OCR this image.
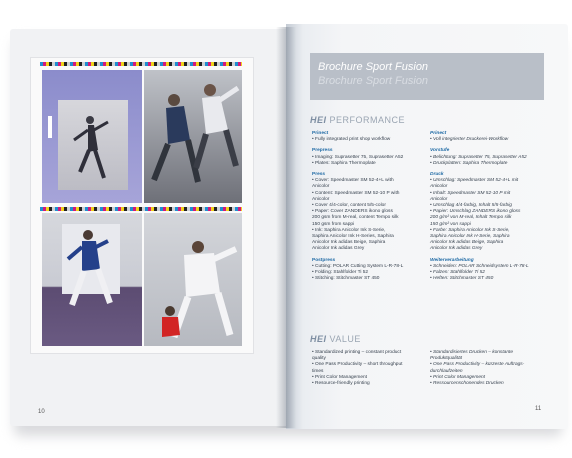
10
Brochure Sport Fusion
Brochure Sport Fusion
HEI PERFORMANCE
Prinect
• Fully integrated print shop workflow
Prepress
• Imaging: Suprasetter 75, Suprasetter A52
• Plates: Saphira Thermoplate
Press
• Cover: Speedmaster SM 52-4+L with
Anicolor
• Content: Speedmaster SM 52-10 P with
Anicolor
• Cover 4/4-color, content 5/5-color
• Paper: Cover ZANDERS ikono gloss
200 gsm from M-real, content Tempo silk
150 gsm from sappi
• Ink: Saphira Anicolor Ink S-Serie,
Saphira Anicolor Ink H-Series, Saphira
Anicolor Ink adidas Beige, Saphira
Anicolor Ink adidas Grey
Postpress
• Cutting: POLAR Cutting System L-R-78-L
• Folding: Stahlfolder Ti 52
• Stitching: Stitchmaster ST 450
Prinect
• Voll integrierter Druckerei-Workflow
Vorstufe
• Belichtung: Suprasetter 75, Suprasetter A52
• Druckplatten: Saphira Thermoplate
Druck
• Umschlag: Speedmaster SM 52-4+L mit
Anicolor
• Inhalt: Speedmaster SM 52-10 P mit
Anicolor
• Umschlag 4/4-farbig, Inhalt 5/5-farbig
• Papier: Umschlag ZANDERS ikono gloss
200 g/m² von M-real, Inhalt Tempo silk
150 g/m² von sappi
• Farbe: Saphira Anicolor Ink S-Serie,
Saphira Anicolor Ink H-Serie, Saphira
Anicolor Ink adidas Beige, Saphira
Anicolor Ink adidas Grey
Weiterverarbeitung
• Schneiden: POLAR Schneidsystem L-R-78-L
• Falzen: Stahlfolder Ti 52
• Heften: Stitchmaster ST 450
HEI VALUE
• Standardized printing – constant product
quality
• One Pass Productivity – short throughput
times
• Print Color Management
• Resource-friendly printing
• Standardisiertes Drucken – konstante
Produktqualität
• One Pass Productivity – kürzeste Auftrags-
durchlaufzeiten
• Print Color Management
• Ressourcenschonendes Drucken
11
